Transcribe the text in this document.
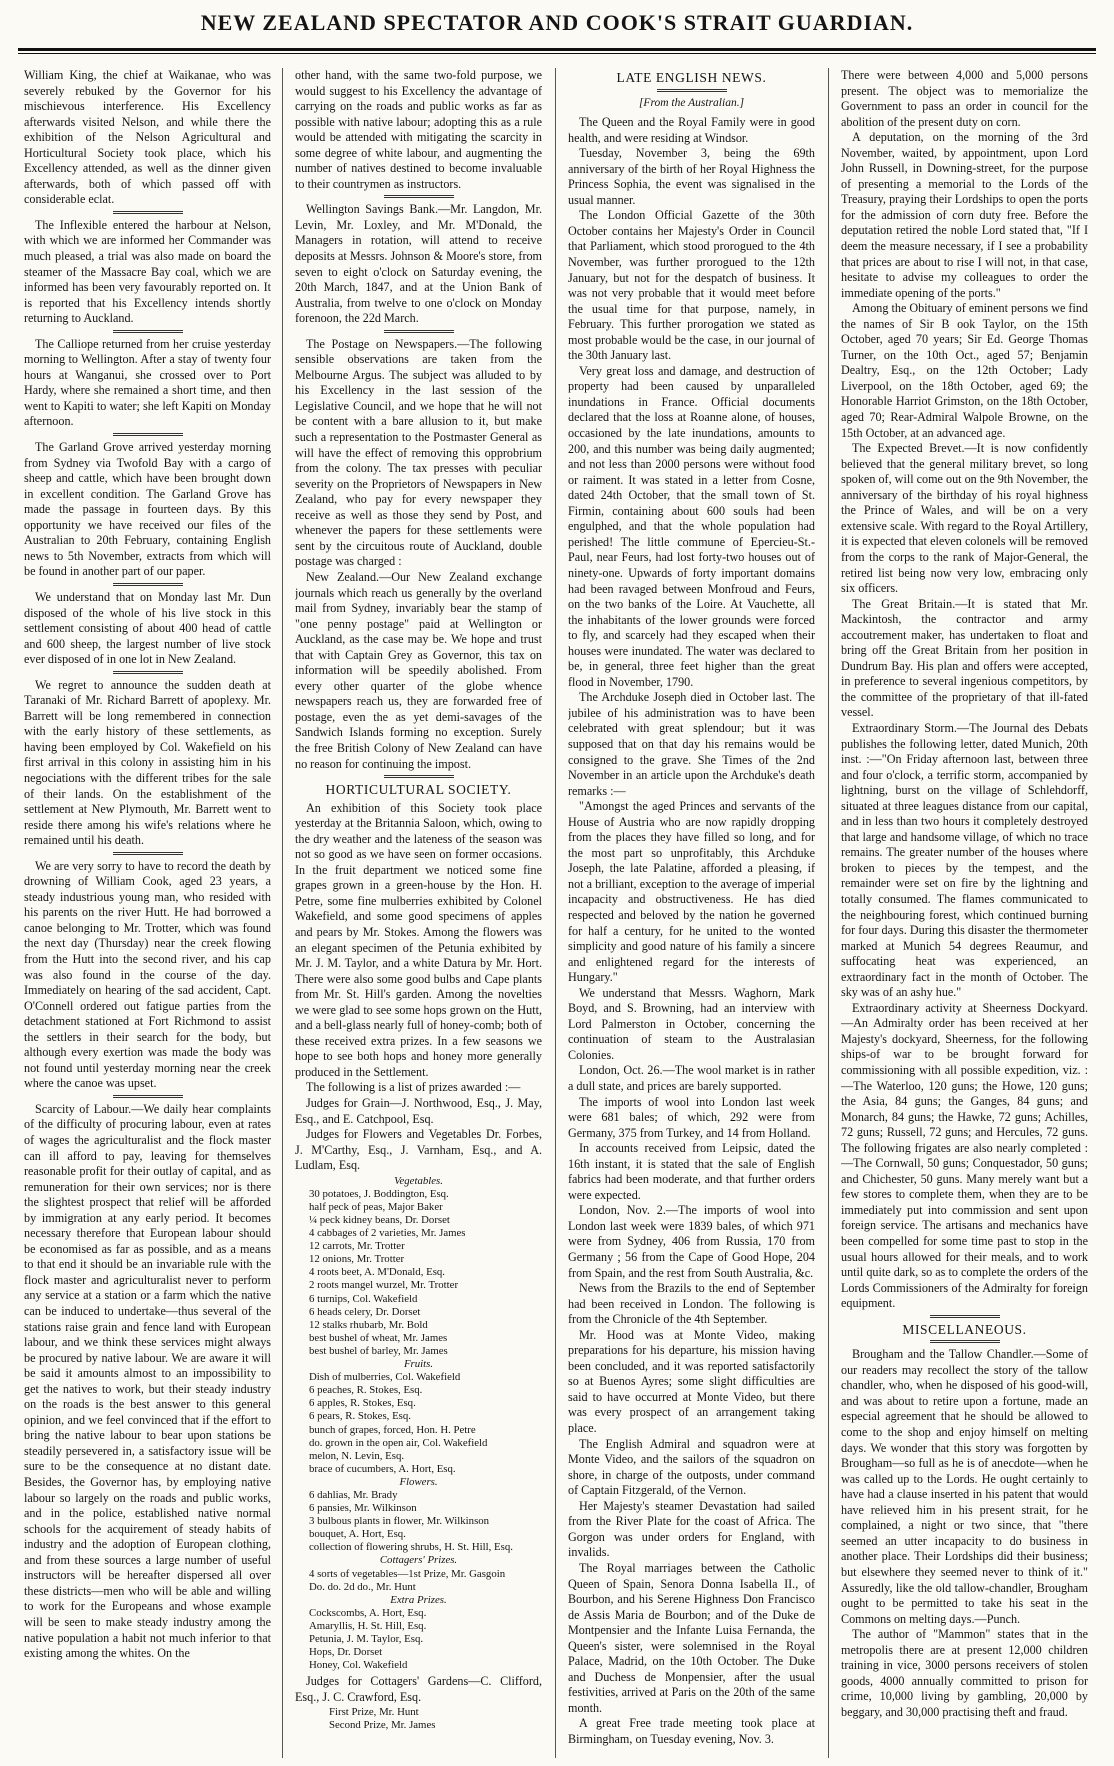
NEW ZEALAND SPECTATOR AND COOK'S STRAIT GUARDIAN.

William King, the chief at Waikanae, who was severely rebuked by the Governor for his mischievous interference. His Excellency afterwards visited Nelson, and while there the exhibition of the Nelson Agricultural and Horticultural Society took place, which his Excellency attended, as well as the dinner given afterwards, both of which passed off with considerable eclat.

The Inflexible entered the harbour at Nelson, with which we are informed her Commander was much pleased, a trial was also made on board the steamer of the Massacre Bay coal, which we are informed has been very favourably reported on. It is reported that his Excellency intends shortly returning to Auckland.

The Calliope returned from her cruise yesterday morning to Wellington. After a stay of twenty four hours at Wanganui, she crossed over to Port Hardy, where she remained a short time, and then went to Kapiti to water; she left Kapiti on Monday afternoon.

The Garland Grove arrived yesterday morning from Sydney via Twofold Bay with a cargo of sheep and cattle, which have been brought down in excellent condition. The Garland Grove has made the passage in fourteen days. By this opportunity we have received our files of the Australian to 20th February, containing English news to 5th November, extracts from which will be found in another part of our paper.

We understand that on Monday last Mr. Dun disposed of the whole of his live stock in this settlement consisting of about 400 head of cattle and 600 sheep, the largest number of live stock ever disposed of in one lot in New Zealand.

We regret to announce the sudden death at Taranaki of Mr. Richard Barrett of apoplexy. Mr. Barrett will be long remembered in connection with the early history of these settlements, as having been employed by Col. Wakefield on his first arrival in this colony in assisting him in his negociations with the different tribes for the sale of their lands. On the establishment of the settlement at New Plymouth, Mr. Barrett went to reside there among his wife's relations where he remained until his death.

We are very sorry to have to record the death by drowning of William Cook, aged 23 years, a steady industrious young man, who resided with his parents on the river Hutt. He had borrowed a canoe belonging to Mr. Trotter, which was found the next day (Thursday) near the creek flowing from the Hutt into the second river, and his cap was also found in the course of the day. Immediately on hearing of the sad accident, Capt. O'Connell ordered out fatigue parties from the detachment stationed at Fort Richmond to assist the settlers in their search for the body, but although every exertion was made the body was not found until yesterday morning near the creek where the canoe was upset.

Scarcity of Labour.—We daily hear complaints of the difficulty of procuring labour, even at rates of wages the agriculturalist and the flock master can ill afford to pay, leaving for themselves reasonable profit for their outlay of capital, and as remuneration for their own services; nor is there the slightest prospect that relief will be afforded by immigration at any early period. It becomes necessary therefore that European labour should be economised as far as possible, and as a means to that end it should be an invariable rule with the flock master and agriculturalist never to perform any service at a station or a farm which the native can be induced to undertake—thus several of the stations raise grain and fence land with European labour, and we think these services might always be procured by native labour. We are aware it will be said it amounts almost to an impossibility to get the natives to work, but their steady industry on the roads is the best answer to this general opinion, and we feel convinced that if the effort to bring the native labour to bear upon stations be steadily persevered in, a satisfactory issue will be sure to be the consequence at no distant date. Besides, the Governor has, by employing native labour so largely on the roads and public works, and in the police, established native normal schools for the acquirement of steady habits of industry and the adoption of European clothing, and from these sources a large number of useful instructors will be hereafter dispersed all over these districts—men who will be able and willing to work for the Europeans and whose example will be seen to make steady industry among the native population a habit not much inferior to that existing among the whites. On the

other hand, with the same two-fold purpose, we would suggest to his Excellency the advantage of carrying on the roads and public works as far as possible with native labour; adopting this as a rule would be attended with mitigating the scarcity in some degree of white labour, and augmenting the number of natives destined to become invaluable to their countrymen as instructors.

Wellington Savings Bank.—Mr. Langdon, Mr. Levin, Mr. Loxley, and Mr. M'Donald, the Managers in rotation, will attend to receive deposits at Messrs. Johnson & Moore's store, from seven to eight o'clock on Saturday evening, the 20th March, 1847, and at the Union Bank of Australia, from twelve to one o'clock on Monday forenoon, the 22d March.

The Postage on Newspapers.—The following sensible observations are taken from the Melbourne Argus. The subject was alluded to by his Excellency in the last session of the Legislative Council, and we hope that he will not be content with a bare allusion to it, but make such a representation to the Postmaster General as will have the effect of removing this opprobrium from the colony. The tax presses with peculiar severity on the Proprietors of Newspapers in New Zealand, who pay for every newspaper they receive as well as those they send by Post, and whenever the papers for these settlements were sent by the circuitous route of Auckland, double postage was charged :

New Zealand.—Our New Zealand exchange journals which reach us generally by the overland mail from Sydney, invariably bear the stamp of "one penny postage" paid at Wellington or Auckland, as the case may be. We hope and trust that with Captain Grey as Governor, this tax on information will be speedily abolished. From every other quarter of the globe whence newspapers reach us, they are forwarded free of postage, even the as yet demi-savages of the Sandwich Islands forming no exception. Surely the free British Colony of New Zealand can have no reason for continuing the impost.

HORTICULTURAL SOCIETY.

An exhibition of this Society took place yesterday at the Britannia Saloon, which, owing to the dry weather and the lateness of the season was not so good as we have seen on former occasions. In the fruit department we noticed some fine grapes grown in a green-house by the Hon. H. Petre, some fine mulberries exhibited by Colonel Wakefield, and some good specimens of apples and pears by Mr. Stokes. Among the flowers was an elegant specimen of the Petunia exhibited by Mr. J. M. Taylor, and a white Datura by Mr. Hort. There were also some good bulbs and Cape plants from Mr. St. Hill's garden. Among the novelties we were glad to see some hops grown on the Hutt, and a bell-glass nearly full of honey-comb; both of these received extra prizes. In a few seasons we hope to see both hops and honey more generally produced in the Settlement.

The following is a list of prizes awarded :—

Judges for Grain—J. Northwood, Esq., J. May, Esq., and E. Catchpool, Esq.

Judges for Flowers and Vegetables Dr. Forbes, J. M'Carthy, Esq., J. Varnham, Esq., and A. Ludlam, Esq.

Vegetables.
30 potatoes, J. Boddington, Esq.
half peck of peas, Major Baker
¼ peck kidney beans, Dr. Dorset
4 cabbages of 2 varieties, Mr. James
12 carrots, Mr. Trotter
12 onions, Mr. Trotter
4 roots beet, A. M'Donald, Esq.
2 roots mangel wurzel, Mr. Trotter
6 turnips, Col. Wakefield
6 heads celery, Dr. Dorset
12 stalks rhubarb, Mr. Bold
best bushel of wheat, Mr. James
best bushel of barley, Mr. James
Fruits.
Dish of mulberries, Col. Wakefield
6 peaches, R. Stokes, Esq.
6 apples, R. Stokes, Esq.
6 pears, R. Stokes, Esq.
bunch of grapes, forced, Hon. H. Petre
do. grown in the open air, Col. Wakefield
melon, N. Levin, Esq.
brace of cucumbers, A. Hort, Esq.
Flowers.
6 dahlias, Mr. Brady
6 pansies, Mr. Wilkinson
3 bulbous plants in flower, Mr. Wilkinson
bouquet, A. Hort, Esq.
collection of flowering shrubs, H. St. Hill, Esq.
Cottagers' Prizes.
4 sorts of vegetables—1st Prize, Mr. Gasgoin
Do. do. 2d do., Mr. Hunt
Extra Prizes.
Cockscombs, A. Hort, Esq.
Amaryllis, H. St. Hill, Esq.
Petunia, J. M. Taylor, Esq.
Hops, Dr. Dorset
Honey, Col. Wakefield

Judges for Cottagers' Gardens—C. Clifford, Esq., J. C. Crawford, Esq.

First Prize, Mr. Hunt
Second Prize, Mr. James
LATE ENGLISH NEWS.
[From the Australian.]

The Queen and the Royal Family were in good health, and were residing at Windsor.

Tuesday, November 3, being the 69th anniversary of the birth of her Royal Highness the Princess Sophia, the event was signalised in the usual manner.

The London Official Gazette of the 30th October contains her Majesty's Order in Council that Parliament, which stood prorogued to the 4th November, was further prorogued to the 12th January, but not for the despatch of business. It was not very probable that it would meet before the usual time for that purpose, namely, in February. This further prorogation we stated as most probable would be the case, in our journal of the 30th January last.

Very great loss and damage, and destruction of property had been caused by unparalleled inundations in France. Official documents declared that the loss at Roanne alone, of houses, occasioned by the late inundations, amounts to 200, and this number was being daily augmented; and not less than 2000 persons were without food or raiment. It was stated in a letter from Cosne, dated 24th October, that the small town of St. Firmin, containing about 600 souls had been engulphed, and that the whole population had perished! The little commune of Epercieu-St.-Paul, near Feurs, had lost forty-two houses out of ninety-one. Upwards of forty important domains had been ravaged between Monfroud and Feurs, on the two banks of the Loire. At Vauchette, all the inhabitants of the lower grounds were forced to fly, and scarcely had they escaped when their houses were inundated. The water was declared to be, in general, three feet higher than the great flood in November, 1790.

The Archduke Joseph died in October last. The jubilee of his administration was to have been celebrated with great splendour; but it was supposed that on that day his remains would be consigned to the grave. She Times of the 2nd November in an article upon the Archduke's death remarks :—

"Amongst the aged Princes and servants of the House of Austria who are now rapidly dropping from the places they have filled so long, and for the most part so unprofitably, this Archduke Joseph, the late Palatine, afforded a pleasing, if not a brilliant, exception to the average of imperial incapacity and obstructiveness. He has died respected and beloved by the nation he governed for half a century, for he united to the wonted simplicity and good nature of his family a sincere and enlightened regard for the interests of Hungary."

We understand that Messrs. Waghorn, Mark Boyd, and S. Browning, had an interview with Lord Palmerston in October, concerning the continuation of steam to the Australasian Colonies.

London, Oct. 26.—The wool market is in rather a dull state, and prices are barely supported.

The imports of wool into London last week were 681 bales; of which, 292 were from Germany, 375 from Turkey, and 14 from Holland.

In accounts received from Leipsic, dated the 16th instant, it is stated that the sale of English fabrics had been moderate, and that further orders were expected.

London, Nov. 2.—The imports of wool into London last week were 1839 bales, of which 971 were from Sydney, 406 from Russia, 170 from Germany ; 56 from the Cape of Good Hope, 204 from Spain, and the rest from South Australia, &c.

News from the Brazils to the end of September had been received in London. The following is from the Chronicle of the 4th September.

Mr. Hood was at Monte Video, making preparations for his departure, his mission having been concluded, and it was reported satisfactorily so at Buenos Ayres; some slight difficulties are said to have occurred at Monte Video, but there was every prospect of an arrangement taking place.

The English Admiral and squadron were at Monte Video, and the sailors of the squadron on shore, in charge of the outposts, under command of Captain Fitzgerald, of the Vernon.

Her Majesty's steamer Devastation had sailed from the River Plate for the coast of Africa. The Gorgon was under orders for England, with invalids.

The Royal marriages between the Catholic Queen of Spain, Senora Donna Isabella II., of Bourbon, and his Serene Highness Don Francisco de Assis Maria de Bourbon; and of the Duke de Montpensier and the Infante Luisa Fernanda, the Queen's sister, were solemnised in the Royal Palace, Madrid, on the 10th October. The Duke and Duchess de Monpensier, after the usual festivities, arrived at Paris on the 20th of the same month.

A great Free trade meeting took place at Birmingham, on Tuesday evening, Nov. 3.

There were between 4,000 and 5,000 persons present. The object was to memorialize the Government to pass an order in council for the abolition of the present duty on corn.

A deputation, on the morning of the 3rd November, waited, by appointment, upon Lord John Russell, in Downing-street, for the purpose of presenting a memorial to the Lords of the Treasury, praying their Lordships to open the ports for the admission of corn duty free. Before the deputation retired the noble Lord stated that, "If I deem the measure necessary, if I see a probability that prices are about to rise I will not, in that case, hesitate to advise my colleagues to order the immediate opening of the ports."

Among the Obituary of eminent persons we find the names of Sir B ook Taylor, on the 15th October, aged 70 years; Sir Ed. George Thomas Turner, on the 10th Oct., aged 57; Benjamin Dealtry, Esq., on the 12th October; Lady Liverpool, on the 18th October, aged 69; the Honorable Harriot Grimston, on the 18th October, aged 70; Rear-Admiral Walpole Browne, on the 15th October, at an advanced age.

The Expected Brevet.—It is now confidently believed that the general military brevet, so long spoken of, will come out on the 9th November, the anniversary of the birthday of his royal highness the Prince of Wales, and will be on a very extensive scale. With regard to the Royal Artillery, it is expected that eleven colonels will be removed from the corps to the rank of Major-General, the retired list being now very low, embracing only six officers.

The Great Britain.—It is stated that Mr. Mackintosh, the contractor and army accoutrement maker, has undertaken to float and bring off the Great Britain from her position in Dundrum Bay. His plan and offers were accepted, in preference to several ingenious competitors, by the committee of the proprietary of that ill-fated vessel.

Extraordinary Storm.—The Journal des Debats publishes the following letter, dated Munich, 20th inst. :—"On Friday afternoon last, between three and four o'clock, a terrific storm, accompanied by lightning, burst on the village of Schlehdorff, situated at three leagues distance from our capital, and in less than two hours it completely destroyed that large and handsome village, of which no trace remains. The greater number of the houses where broken to pieces by the tempest, and the remainder were set on fire by the lightning and totally consumed. The flames communicated to the neighbouring forest, which continued burning for four days. During this disaster the thermometer marked at Munich 54 degrees Reaumur, and suffocating heat was experienced, an extraordinary fact in the month of October. The sky was of an ashy hue."

Extraordinary activity at Sheerness Dockyard.—An Admiralty order has been received at her Majesty's dockyard, Sheerness, for the following ships-of war to be brought forward for commissioning with all possible expedition, viz. :—The Waterloo, 120 guns; the Howe, 120 guns; the Asia, 84 guns; the Ganges, 84 guns; and Monarch, 84 guns; the Hawke, 72 guns; Achilles, 72 guns; Russell, 72 guns; and Hercules, 72 guns. The following frigates are also nearly completed :—The Cornwall, 50 guns; Conquestador, 50 guns; and Chichester, 50 guns. Many merely want but a few stores to complete them, when they are to be immediately put into commission and sent upon foreign service. The artisans and mechanics have been compelled for some time past to stop in the usual hours allowed for their meals, and to work until quite dark, so as to complete the orders of the Lords Commissioners of the Admiralty for foreign equipment.

MISCELLANEOUS.

Brougham and the Tallow Chandler.—Some of our readers may recollect the story of the tallow chandler, who, when he disposed of his good-will, and was about to retire upon a fortune, made an especial agreement that he should be allowed to come to the shop and enjoy himself on melting days. We wonder that this story was forgotten by Brougham—so full as he is of anecdote—when he was called up to the Lords. He ought certainly to have had a clause inserted in his patent that would have relieved him in his present strait, for he complained, a night or two since, that "there seemed an utter incapacity to do business in another place. Their Lordships did their business; but elsewhere they seemed never to think of it." Assuredly, like the old tallow-chandler, Brougham ought to be permitted to take his seat in the Commons on melting days.—Punch.

The author of "Mammon" states that in the metropolis there are at present 12,000 children training in vice, 3000 persons receivers of stolen goods, 4000 annually committed to prison for crime, 10,000 living by gambling, 20,000 by beggary, and 30,000 practising theft and fraud.
